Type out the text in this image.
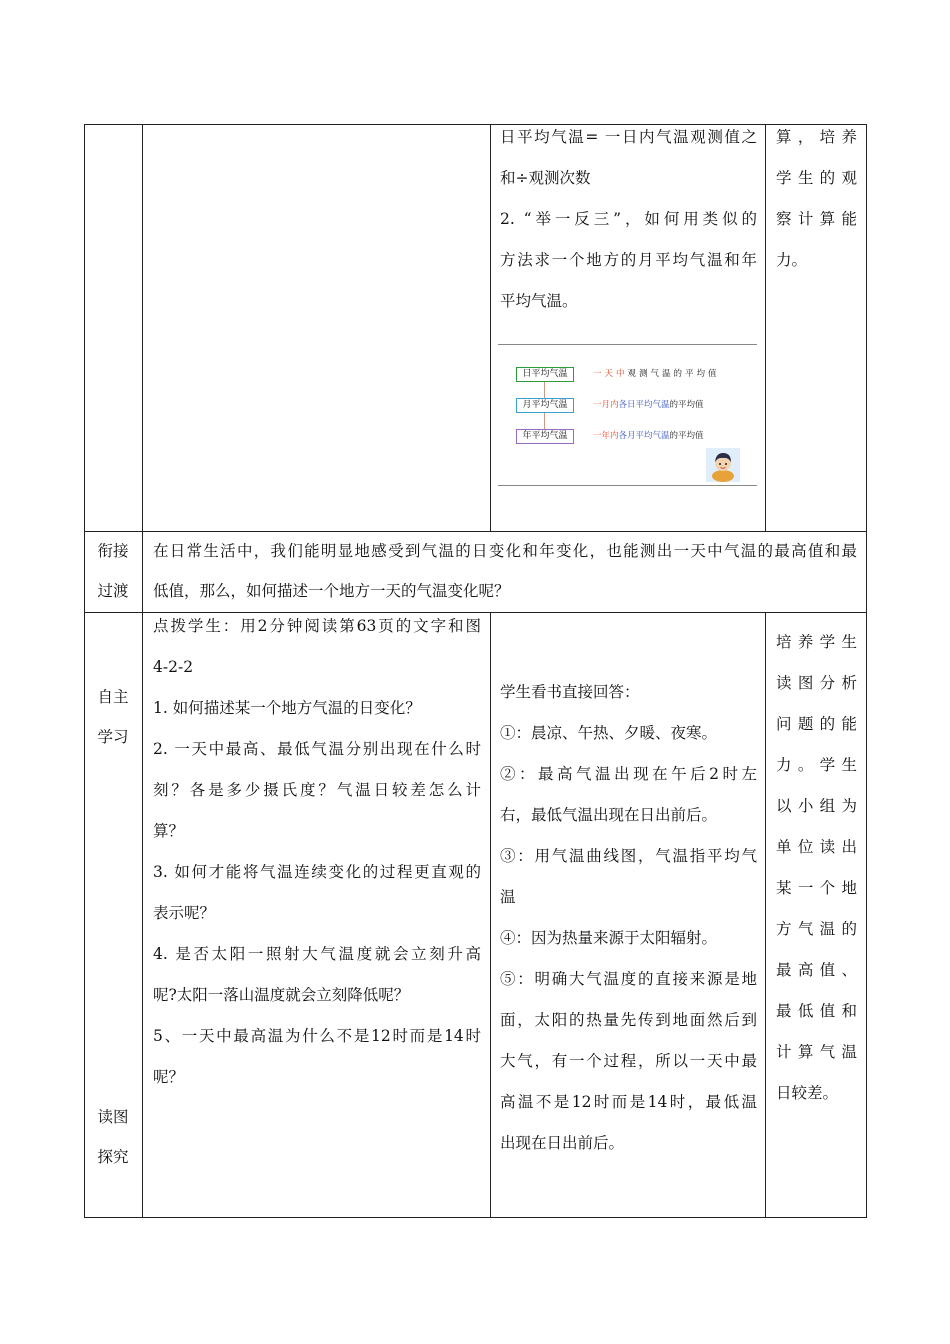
日平均气温= 一日内气温观测值之

和÷观测次数

2. “举一反三”，如何用类似的

方法求一个地方的月平均气温和年

平均气温。

算，培养

学生的观

察计算能

力。

日平均气温
月平均气温
年平均气温
一天中观测气温的平均值
一月内各日平均气温的平均值
一年内各月平均气温的平均值
衔接
过渡

在日常生活中，我们能明显地感受到气温的日变化和年变化，也能测出一天中气温的最高值和最

低值，那么，如何描述一个地方一天的气温变化呢？

自主
学习
读图
探究

点拨学生：用2分钟阅读第63页的文字和图

4-2-2

1. 如何描述某一个地方气温的日变化？

2. 一天中最高、最低气温分别出现在什么时

刻？各是多少摄氏度？气温日较差怎么计

算？

3. 如何才能将气温连续变化的过程更直观的

表示呢？

4. 是否太阳一照射大气温度就会立刻升高

呢?太阳一落山温度就会立刻降低呢？

5、一天中最高温为什么不是12时而是14时

呢？

学生看书直接回答：

①：晨凉、午热、夕暖、夜寒。

②：最高气温出现在午后2时左

右，最低气温出现在日出前后。

③：用气温曲线图，气温指平均气

温

④：因为热量来源于太阳辐射。

⑤：明确大气温度的直接来源是地

面，太阳的热量先传到地面然后到

大气，有一个过程，所以一天中最

高温不是12时而是14时，最低温

出现在日出前后。

培养学生

读图分析

问题的能

力。学生

以小组为

单位读出

某一个地

方气温的

最高值、

最低值和

计算气温

日较差。
